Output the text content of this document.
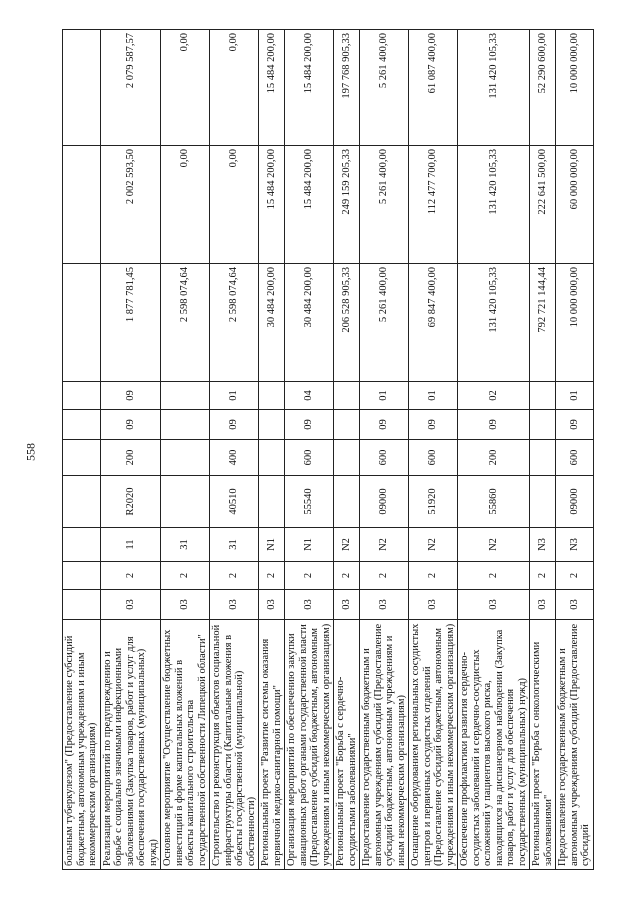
558
больным туберкулезом" (Предоставление субсидий бюджетным, автономным учреждениям и иным некоммерческим организациям)										
Реализация мероприятий по предупреждению и борьбе с социально значимыми инфекционными заболеваниями (Закупка товаров, работ и услуг для обеспечения государственных (муниципальных) нужд)	03	2	11	R2020	200	09	09	1 877 781,45	2 002 593,50	2 079 587,57
Основное мероприятие "Осуществление бюджетных инвестиций в форме капитальных вложений в объекты капитального строительства государственной собственности Липецкой области"	03	2	31					2 598 074,64	0,00	0,00
Строительство и реконструкция объектов социальной инфраструктуры области (Капитальные вложения в объекты государственной (муниципальной) собственности)	03	2	31	40510	400	09	01	2 598 074,64	0,00	0,00
Региональный проект "Развитие системы оказания первичной медико-санитарной помощи"	03	2	N1					30 484 200,00	15 484 200,00	15 484 200,00
Организация мероприятий по обеспечению закупки авиационных работ органами государственной власти (Предоставление субсидий бюджетным, автономным учреждениям и иным некоммерческим организациям)	03	2	N1	55540	600	09	04	30 484 200,00	15 484 200,00	15 484 200,00
Региональный проект "Борьба с сердечно-сосудистыми заболеваниями"	03	2	N2					206 528 905,33	249 159 205,33	197 768 905,33
Предоставление государственным бюджетным и автономным учреждениям субсидий (Предоставление субсидий бюджетным, автономным учреждениям и иным некоммерческим организациям)	03	2	N2	09000	600	09	01	5 261 400,00	5 261 400,00	5 261 400,00
Оснащение оборудованием региональных сосудистых центров и первичных сосудистых отделений (Предоставление субсидий бюджетным, автономным учреждениям и иным некоммерческим организациям)	03	2	N2	51920	600	09	01	69 847 400,00	112 477 700,00	61 087 400,00
Обеспечение профилактики развития сердечно-сосудистых заболеваний и сердечно-сосудистых осложнений у пациентов высокого риска, находящихся на диспансерном наблюдении (Закупка товаров, работ и услуг для обеспечения государственных (муниципальных) нужд)	03	2	N2	55860	200	09	02	131 420 105,33	131 420 105,33	131 420 105,33
Региональный проект "Борьба с онкологическими заболеваниями"	03	2	N3					792 721 144,44	222 641 500,00	52 290 600,00
Предоставление государственным бюджетным и автономным учреждениям субсидий (Предоставление субсидий	03	2	N3	09000	600	09	01	10 000 000,00	60 000 000,00	10 000 000,00
